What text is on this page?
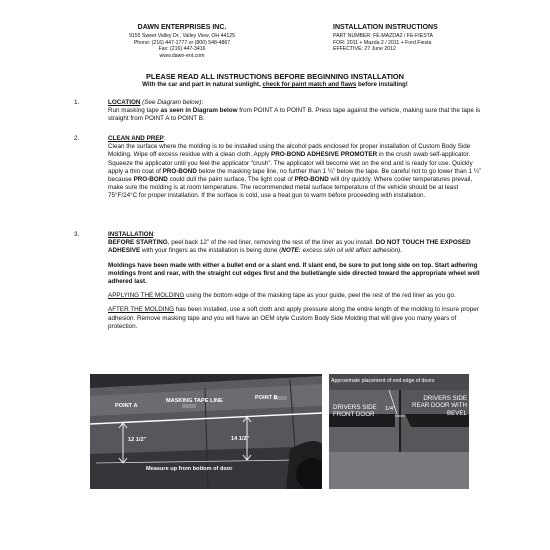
DAWN ENTERPRISES INC.
9155 Sweet Valley Dr., Valley View, OH 44125
Phone: (216) 447-1777 or (800) 548-4867
Fax: (216) 447-3416
www.dawn-ent.com
INSTALLATION INSTRUCTIONS
PART NUMBER: FE-MAZDA2 / FE-FIESTA
FOR: 2011 + Mazda 2 / 2011 + Ford Fiesta
EFFECTIVE: 27 June 2012
PLEASE READ ALL INSTRUCTIONS BEFORE BEGINNING INSTALLATION
With the car and part in natural sunlight, check for paint match and flaws before installing!
1.	LOCATION (See Diagram below):
Run masking tape as seen in Diagram below from POINT A to POINT B. Press tape against the vehicle, making sure that the tape is straight from POINT A to POINT B.
2.	CLEAN AND PREP:
Clean the surface where the molding is to be installed using the alcohol pads enclosed for proper installation of Custom Body Side Molding. Wipe off excess residue with a clean cloth. Apply PRO-BOND ADHESIVE PROMOTER in the crush swab self-applicator. Squeeze the applicator until you feel the applicator “crush”. The applicator will become wet on the end and is ready for use. Quickly apply a thin coat of PRO-BOND below the masking tape line, no further than 1 ¼” below the tape. Be careful not to go lower than 1 ¼” because PRO-BOND could dull the paint surface. The light coat of PRO-BOND will dry quickly. Where cooler temperatures prevail, make sure the molding is at room temperature. The recommended metal surface temperature of the vehicle should be at least 75°F/24°C for proper installation. If the surface is cold, use a heat gun to warm before proceeding with installation.
3.	INSTALLATION:
BEFORE STARTING, peel back 12” of the red liner, removing the rest of the liner as you install. DO NOT TOUCH THE EXPOSED ADHESIVE with your fingers as the installation is being done (NOTE: excess skin oil will affect adhesion).
Moldings have been made with either a bullet end or a slant end. If slant end, be sure to put long side on top. Start adhering moldings front and rear, with the straight cut edges first and the bullet/angle side directed toward the appropriate wheel well adhered last.
APPLYING THE MOLDING using the bottom edge of the masking tape as your guide, peel the rest of the red liner as you go.
AFTER THE MOLDING has been installed, use a soft cloth and apply pressure along the entire length of the molding to insure proper adhesion. Remove masking tape and you will have an OEM style Custom Body Side Molding that will give you many years of protection.
POINT A
MASKING TAPE LINE	POINT B
12 1/2"	14 1/2"
Measure up from bottom of door
Approximate placement of end edge of doors
DRIVERS SIDE FRONT DOOR
1/4"
DRIVERS SIDE REAR DOOR WITH BEVEL
